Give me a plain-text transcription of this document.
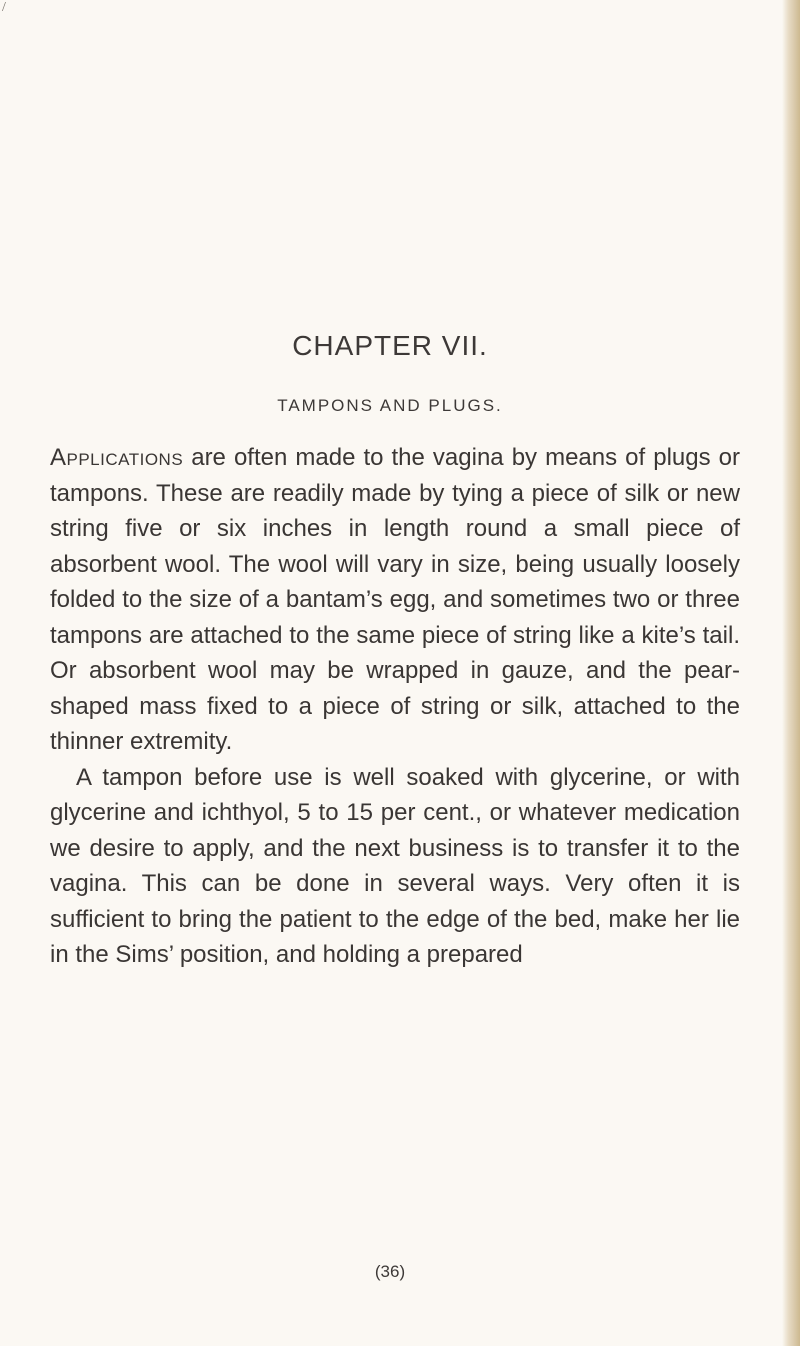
/
CHAPTER VII.
TAMPONS AND PLUGS.

Applications are often made to the vagina by means of plugs or tampons. These are readily made by tying a piece of silk or new string five or six inches in length round a small piece of absorbent wool. The wool will vary in size, being usually loosely folded to the size of a bantam’s egg, and sometimes two or three tampons are attached to the same piece of string like a kite’s tail. Or absorbent wool may be wrapped in gauze, and the pear-shaped mass fixed to a piece of string or silk, attached to the thinner extremity.

A tampon before use is well soaked with glycerine, or with glycerine and ichthyol, 5 to 15 per cent., or whatever medication we desire to apply, and the next business is to transfer it to the vagina. This can be done in several ways. Very often it is sufficient to bring the patient to the edge of the bed, make her lie in the Sims’ position, and holding a prepared

(36)
